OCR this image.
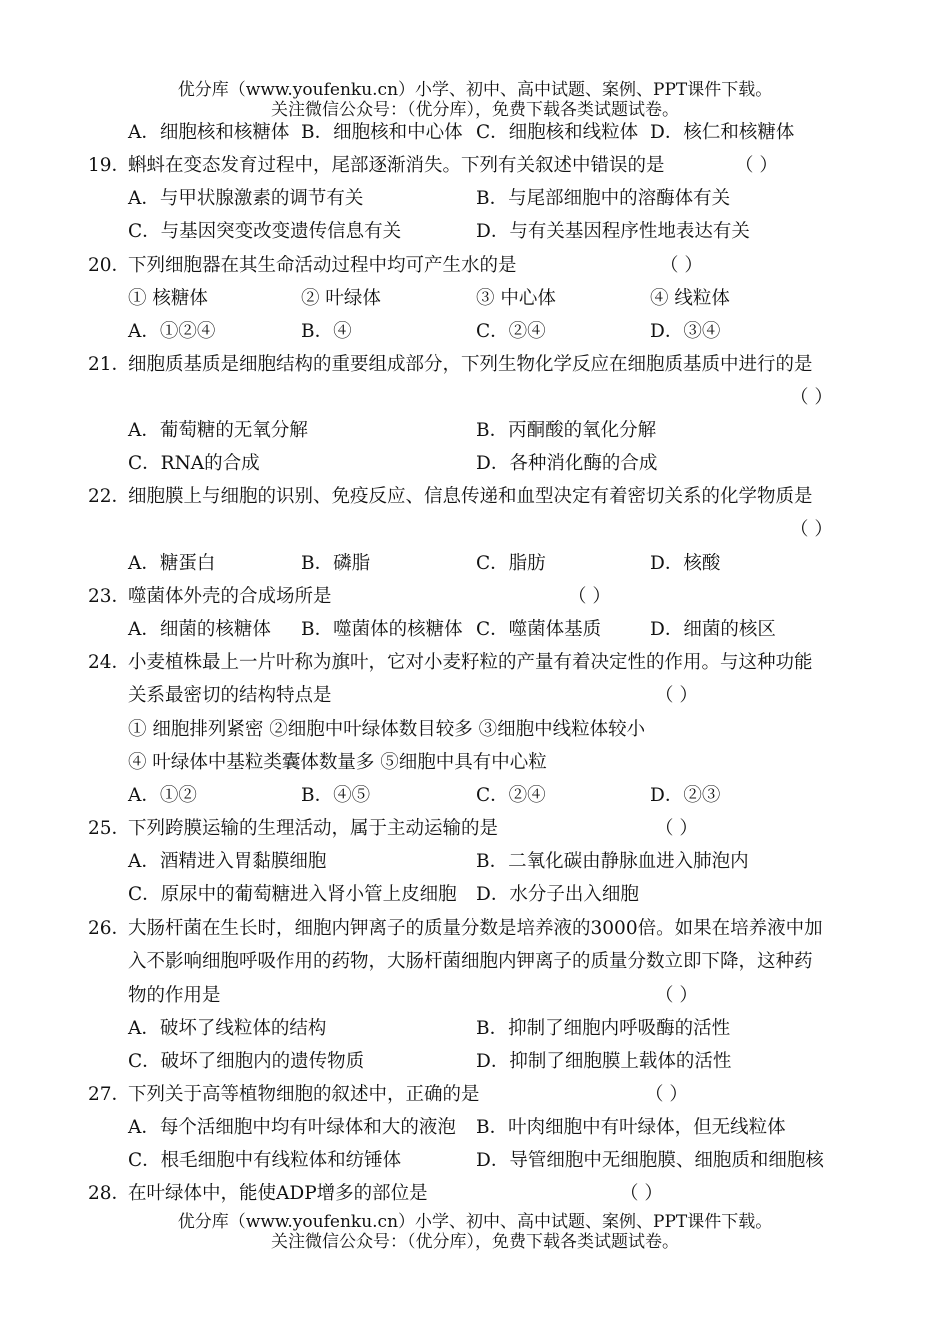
优分库（www.youfenku.cn）小学、初中、高中试题、案例、PPT课件下载。
关注微信公众号：（优分库），免费下载各类试题试卷。
A．细胞核和核糖体 B．细胞核和中心体 C．细胞核和线粒体 D．核仁和核糖体
19．
蝌蚪在变态发育过程中，尾部逐渐消失。下列有关叙述中错误的是	（ ）
A．与甲状腺激素的调节有关	B．与尾部细胞中的溶酶体有关
C．与基因突变改变遗传信息有关	D．与有关基因程序性地表达有关
20．
下列细胞器在其生命活动过程中均可产生水的是	（ ）
① 核糖体	② 叶绿体	③ 中心体	④ 线粒体
A．①②④	B．④	C．②④	D．③④
21．
细胞质基质是细胞结构的重要组成部分，下列生物化学反应在细胞质基质中进行的是
（ ）
A．葡萄糖的无氧分解	B．丙酮酸的氧化分解
C．RNA的合成	D．各种消化酶的合成
22．
细胞膜上与细胞的识别、免疫反应、信息传递和血型决定有着密切关系的化学物质是
（ ）
A．糖蛋白	B．磷脂	C．脂肪	D．核酸
23．
噬菌体外壳的合成场所是	（ ）
A．细菌的核糖体 B．噬菌体的核糖体 C．噬菌体基质	D．细菌的核区
24．
小麦植株最上一片叶称为旗叶，它对小麦籽粒的产量有着决定性的作用。与这种功能
关系最密切的结构特点是	（ ）
① 细胞排列紧密 ②细胞中叶绿体数目较多 ③细胞中线粒体较小
④ 叶绿体中基粒类囊体数量多 ⑤细胞中具有中心粒
A．①②	B．④⑤	C．②④	D．②③
25．
下列跨膜运输的生理活动，属于主动运输的是	（ ）
A．酒精进入胃黏膜细胞	B．二氧化碳由静脉血进入肺泡内
C．原尿中的葡萄糖进入肾小管上皮细胞 D．水分子出入细胞
26．
大肠杆菌在生长时，细胞内钾离子的质量分数是培养液的3000倍。如果在培养液中加
入不影响细胞呼吸作用的药物，大肠杆菌细胞内钾离子的质量分数立即下降，这种药
物的作用是	（ ）
A．破坏了线粒体的结构	B．抑制了细胞内呼吸酶的活性
C．破坏了细胞内的遗传物质	D．抑制了细胞膜上载体的活性
27．
下列关于高等植物细胞的叙述中，正确的是	（ ）
A．每个活细胞中均有叶绿体和大的液泡 B．叶肉细胞中有叶绿体，但无线粒体
C．根毛细胞中有线粒体和纺锤体	D．导管细胞中无细胞膜、细胞质和细胞核
28．
在叶绿体中，能使ADP增多的部位是	（ ）
优分库（www.youfenku.cn）小学、初中、高中试题、案例、PPT课件下载。
关注微信公众号：（优分库），免费下载各类试题试卷。
